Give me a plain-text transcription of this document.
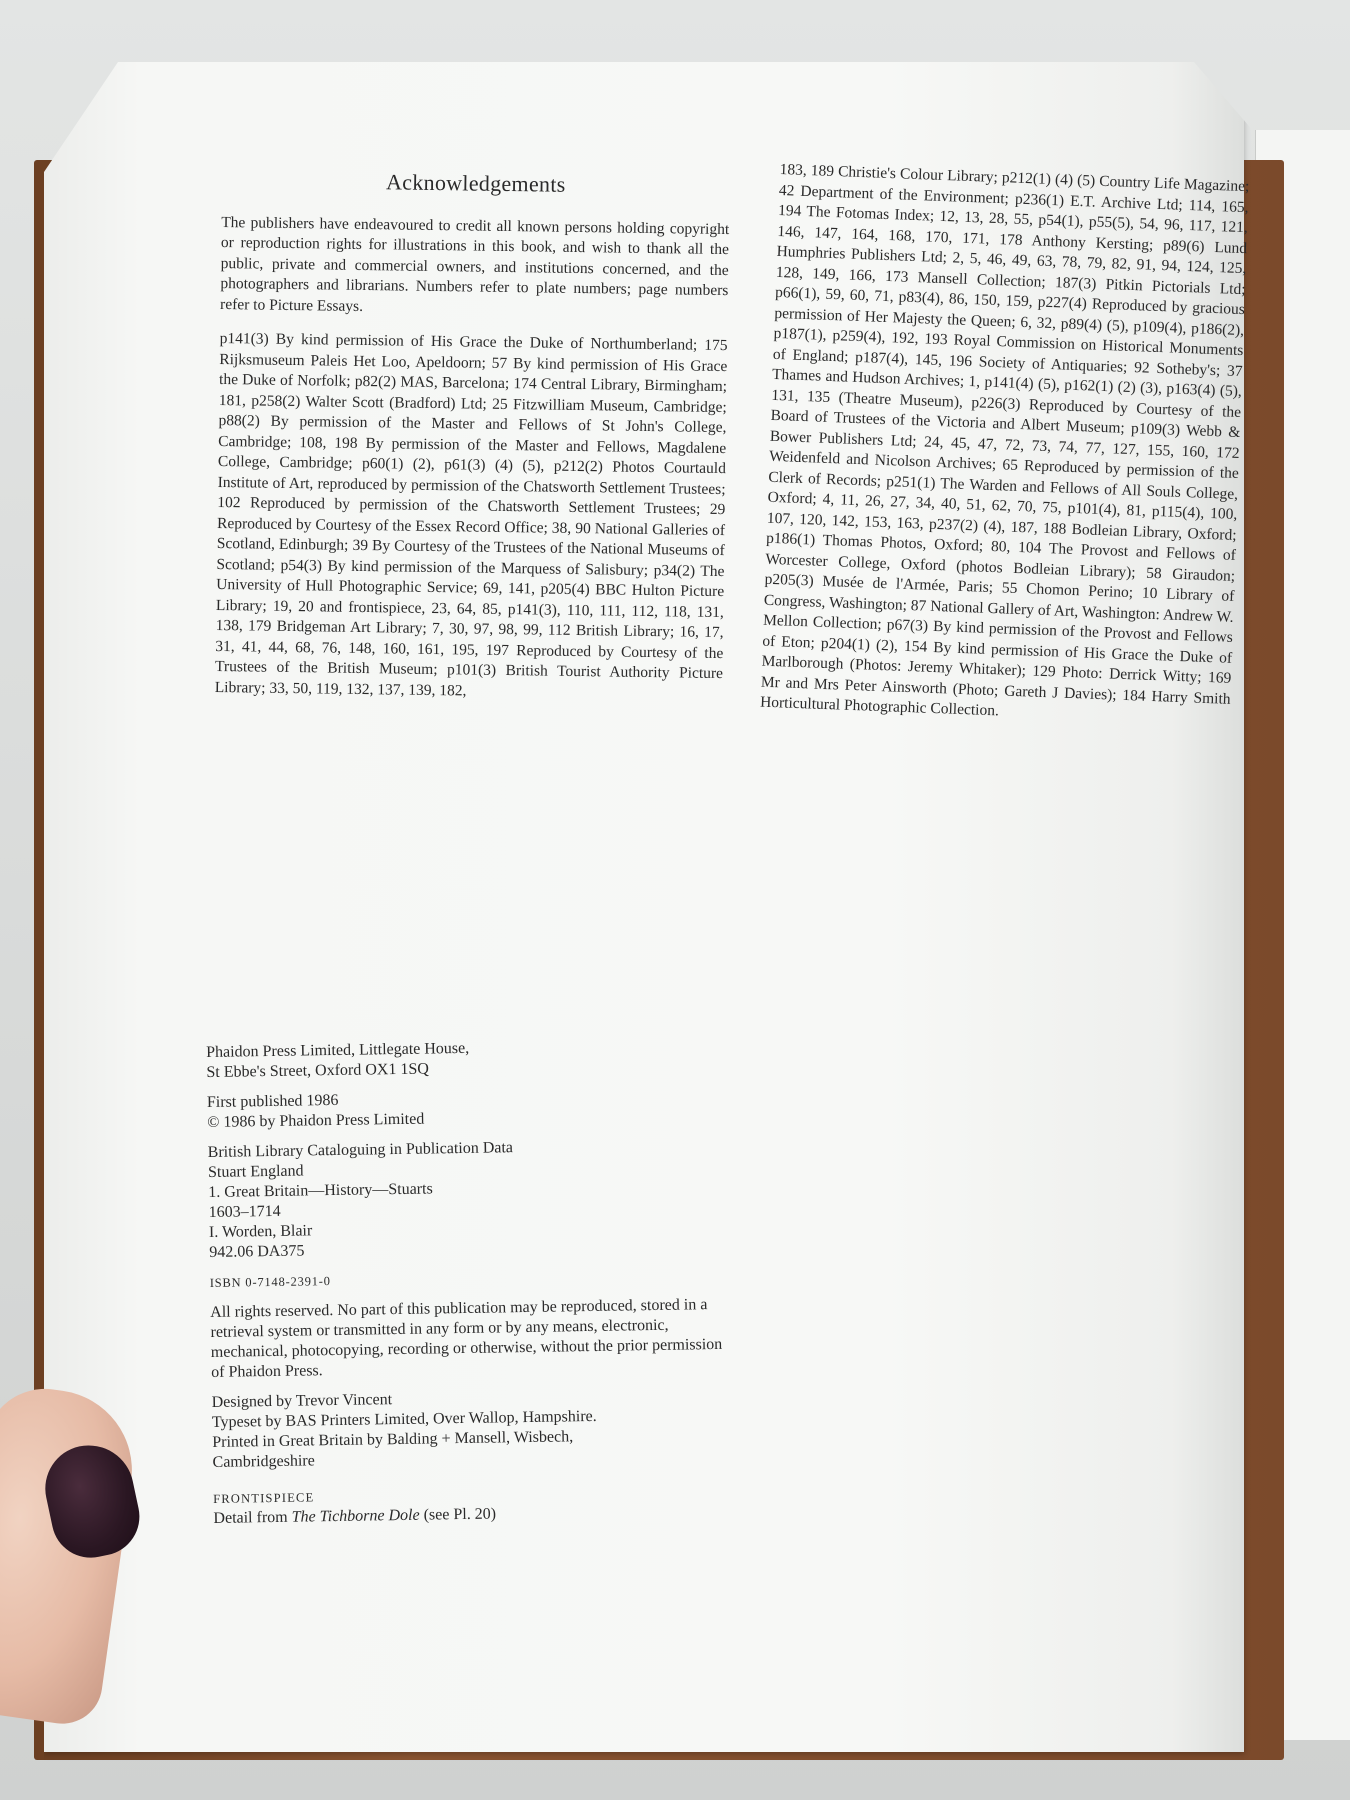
Acknowledgements

The publishers have endeavoured to credit all known persons holding copyright or reproduction rights for illustrations in this book, and wish to thank all the public, private and commercial owners, and institutions concerned, and the photographers and librarians. Numbers refer to plate numbers; page numbers refer to Picture Essays.

p141(3) By kind permission of His Grace the Duke of Northumberland; 175 Rijksmuseum Paleis Het Loo, Apeldoorn; 57 By kind permission of His Grace the Duke of Norfolk; p82(2) MAS, Barcelona; 174 Central Library, Birmingham; 181, p258(2) Walter Scott (Bradford) Ltd; 25 Fitzwilliam Museum, Cambridge; p88(2) By permission of the Master and Fellows of St John's College, Cambridge; 108, 198 By permission of the Master and Fellows, Magdalene College, Cambridge; p60(1) (2), p61(3) (4) (5), p212(2) Photos Courtauld Institute of Art, reproduced by permission of the Chatsworth Settlement Trustees; 102 Reproduced by permission of the Chatsworth Settlement Trustees; 29 Reproduced by Courtesy of the Essex Record Office; 38, 90 National Galleries of Scotland, Edinburgh; 39 By Courtesy of the Trustees of the National Museums of Scotland; p54(3) By kind permission of the Marquess of Salisbury; p34(2) The University of Hull Photographic Service; 69, 141, p205(4) BBC Hulton Picture Library; 19, 20 and frontispiece, 23, 64, 85, p141(3), 110, 111, 112, 118, 131, 138, 179 Bridgeman Art Library; 7, 30, 97, 98, 99, 112 British Library; 16, 17, 31, 41, 44, 68, 76, 148, 160, 161, 195, 197 Reproduced by Courtesy of the Trustees of the British Museum; p101(3) British Tourist Authority Picture Library; 33, 50, 119, 132, 137, 139, 182,

183, 189 Christie's Colour Library; p212(1) (4) (5) Country Life Magazine; 42 Department of the Environment; p236(1) E.T. Archive Ltd; 114, 165, 194 The Fotomas Index; 12, 13, 28, 55, p54(1), p55(5), 54, 96, 117, 121, 146, 147, 164, 168, 170, 171, 178 Anthony Kersting; p89(6) Lund Humphries Publishers Ltd; 2, 5, 46, 49, 63, 78, 79, 82, 91, 94, 124, 125, 128, 149, 166, 173 Mansell Collection; 187(3) Pitkin Pictorials Ltd; p66(1), 59, 60, 71, p83(4), 86, 150, 159, p227(4) Reproduced by gracious permission of Her Majesty the Queen; 6, 32, p89(4) (5), p109(4), p186(2), p187(1), p259(4), 192, 193 Royal Commission on Historical Monuments of England; p187(4), 145, 196 Society of Antiquaries; 92 Sotheby's; 37 Thames and Hudson Archives; 1, p141(4) (5), p162(1) (2) (3), p163(4) (5), 131, 135 (Theatre Museum), p226(3) Reproduced by Courtesy of the Board of Trustees of the Victoria and Albert Museum; p109(3) Webb & Bower Publishers Ltd; 24, 45, 47, 72, 73, 74, 77, 127, 155, 160, 172 Weidenfeld and Nicolson Archives; 65 Reproduced by permission of the Clerk of Records; p251(1) The Warden and Fellows of All Souls College, Oxford; 4, 11, 26, 27, 34, 40, 51, 62, 70, 75, p101(4), 81, p115(4), 100, 107, 120, 142, 153, 163, p237(2) (4), 187, 188 Bodleian Library, Oxford; p186(1) Thomas Photos, Oxford; 80, 104 The Provost and Fellows of Worcester College, Oxford (photos Bodleian Library); 58 Giraudon; p205(3) Musée de l'Armée, Paris; 55 Chomon Perino; 10 Library of Congress, Washington; 87 National Gallery of Art, Washington: Andrew W. Mellon Collection; p67(3) By kind permission of the Provost and Fellows of Eton; p204(1) (2), 154 By kind permission of His Grace the Duke of Marlborough (Photos: Jeremy Whitaker); 129 Photo: Derrick Witty; 169 Mr and Mrs Peter Ainsworth (Photo; Gareth J Davies); 184 Harry Smith Horticultural Photographic Collection.

Phaidon Press Limited, Littlegate House,
St Ebbe's Street, Oxford OX1 1SQ
First published 1986
© 1986 by Phaidon Press Limited
British Library Cataloguing in Publication Data
Stuart England
1. Great Britain—History—Stuarts
1603–1714
I. Worden, Blair
942.06 DA375
ISBN 0-7148-2391-0
All rights reserved. No part of this publication may be reproduced, stored in a retrieval system or transmitted in any form or by any means, electronic, mechanical, photocopying, recording or otherwise, without the prior permission of Phaidon Press.
Designed by Trevor Vincent
Typeset by BAS Printers Limited, Over Wallop, Hampshire.
Printed in Great Britain by Balding + Mansell, Wisbech,
Cambridgeshire
FRONTISPIECE
Detail from The Tichborne Dole (see Pl. 20)
